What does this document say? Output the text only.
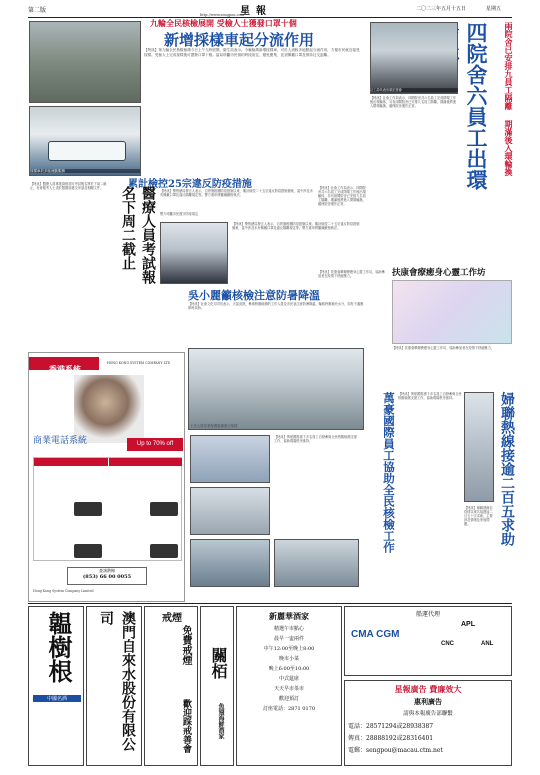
第二版	星報
http://www.sengpou.com
二〇二三年五月十五日	星期五
採樣車於多區流動服務
九輪全民核檢展開 受檢人士獲發口罩十個
新增採樣車起分流作用
【特訊】第九輪全民核酸檢測今日上午九時展開，衛生局表示，今輪檢測新增採樣車，可於人流較多地點起分流作用，方便市民就近接受採樣。受檢人士完成採樣後可獲發口罩十個。當局呼籲市民預約時段前往，避免聚集，並須佩戴口罩及保持社交距離。
累計檢控25宗違反防疫措施
【特訊】警察總局發言人表示，自實施相關防疫措施以來，累計檢控二十五宗違反防疫措施個案，當中涉及未有佩戴口罩及違反隔離規定等。警方重申將繼續嚴格執法。
警方呼籲市民遵守防疫規定
【特訊】警察總局發言人表示，自實施相關防疫措施以來，累計檢控二十五宗違反防疫措施個案，當中涉及未有佩戴口罩及違反隔離規定等。警方重申將繼續嚴格執法。
醫療人員考試報名下周二截止
【特訊】醫療人員專業資格認可考試報名將於下周二截止，有意報考人士須於限期前遞交申請及相關文件。
吳小麗籲核檢注意防暑降溫
【特訊】社會文化司司長表示，天氣炎熱，參與核酸檢測的工作人員及市民須注意防暑降溫，輪候時應補充水分，如有不適應即時求助。
工作人員穿著保護裝備進行採樣
香港系統
HONG KONG SYSTEM COMPANY LTD
商業電話系統	Up to 70% off
查詢熱線
(853) 66 00 0055
Hong Kong System Company Limited
【特訊】萬豪國際旗下多名員工自發參與全民核酸檢測支援工作，協助現場秩序維持。	萬豪國際員工協助全民核檢工作 【特訊】萬豪國際旗下多名員工自發參與全民核酸檢測支援工作，協助現場秩序維持。
兩院舍已安排九員工隔離 期滿後入環輪換
四院舍六員工出環
社工局代表出席記者會
【特訊】社會工作局表示，四間院舍共六名員工完成閉環工作後出環輪休，另有兩間院舍已安排九名員工隔離，期滿後將進入閉環輪換，確保院舍運作正常。
【特訊】社會工作局表示，四間院舍共六名員工完成閉環工作後出環輪休，另有兩間院舍已安排九名員工隔離，期滿後將進入閉環輪換，確保院舍運作正常。
扶康會療癒身心靈工作坊
【特訊】扶康會舉辦療癒身心靈工作坊，協助參加者在疫情下舒緩壓力。
【特訊】扶康會舉辦療癒身心靈工作坊，協助參加者在疫情下舒緩壓力。
婦聯熱線接逾二百五求助
【特訊】婦聯熱線自疫情以來共接獲逾二百五十宗求助，主要涉及情緒及家庭問題。
韞樹根
中國名酒	澳門自來水股份有限公司	戒煙
免費戒煙
歡迎踩戒善會
關栢
魚翅海鮮酒家
新麗華酒家
精選午市點心
晨早一盅兩件
中午12:00至晚上8:00
晚市小菜
晚上6:00至10:00
中式筵席
天天早市茶市
歡迎預訂
訂座電話：2871 0170
船運代理
CMA CGM
APL
CNC	ANL
星報廣告 費廉效大
惠利廣告
請與本報廣告部聯繫
電話：28571294或28938387
傳真：28888192或28316401
電郵：sengpou@macau.ctm.net
